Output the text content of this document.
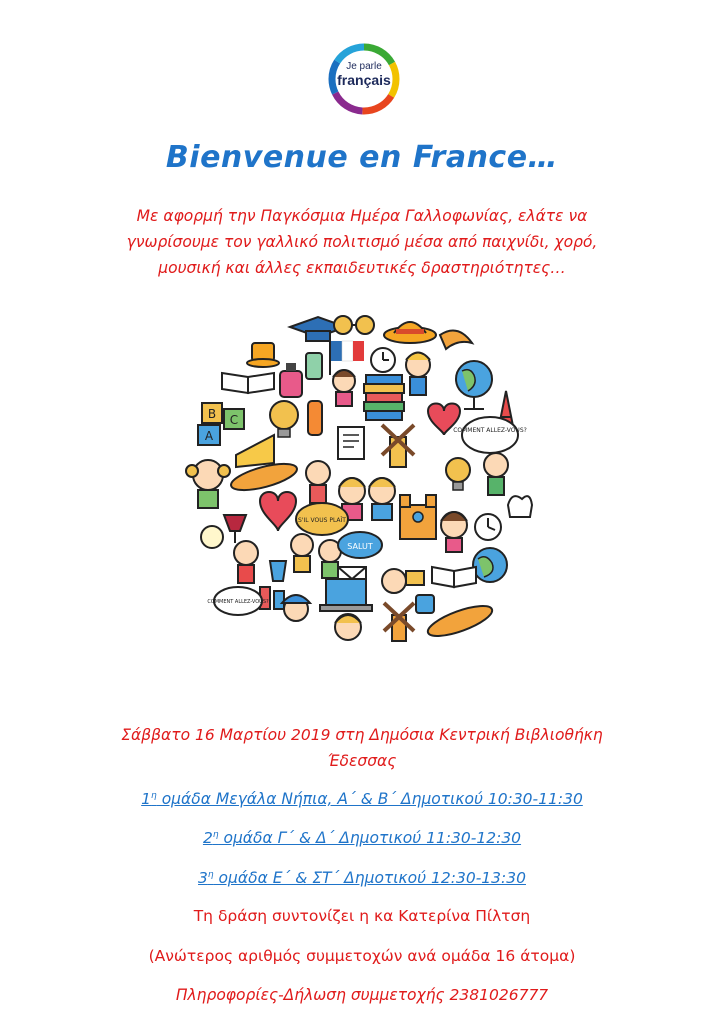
Je parle
français
Bienvenue en France…
Με αφορμή την Παγκόσμια Ημέρα Γαλλοφωνίας, ελάτε να γνωρίσουμε τον γαλλικό πολιτισμό μέσα από παιχνίδι, χορό, μουσική και άλλες εκπαιδευτικές δραστηριότητες…
B C
A	COMMENT ALLEZ-VOUS?
S'IL VOUS PLAÎT
SALUT
COMMENT ALLEZ-VOUS?
Σάββατο 16 Μαρτίου 2019 στη Δημόσια Κεντρική Βιβλιοθήκη
Έδεσσας
$1^\eta$ ομάδα Μεγάλα Νήπια, Α΄ & Β΄ Δημοτικού 10:30-11:30
$2^\eta$ ομάδα Γ΄ & Δ΄ Δημοτικού 11:30-12:30
$3^\eta$ ομάδα Ε΄ & ΣΤ΄ Δημοτικού 12:30-13:30
Τη δράση συντονίζει η κα Κατερίνα Πίλτση
(Ανώτερος αριθμός συμμετοχών ανά ομάδα 16 άτομα)
Πληροφορίες-Δήλωση συμμετοχής 2381026777
